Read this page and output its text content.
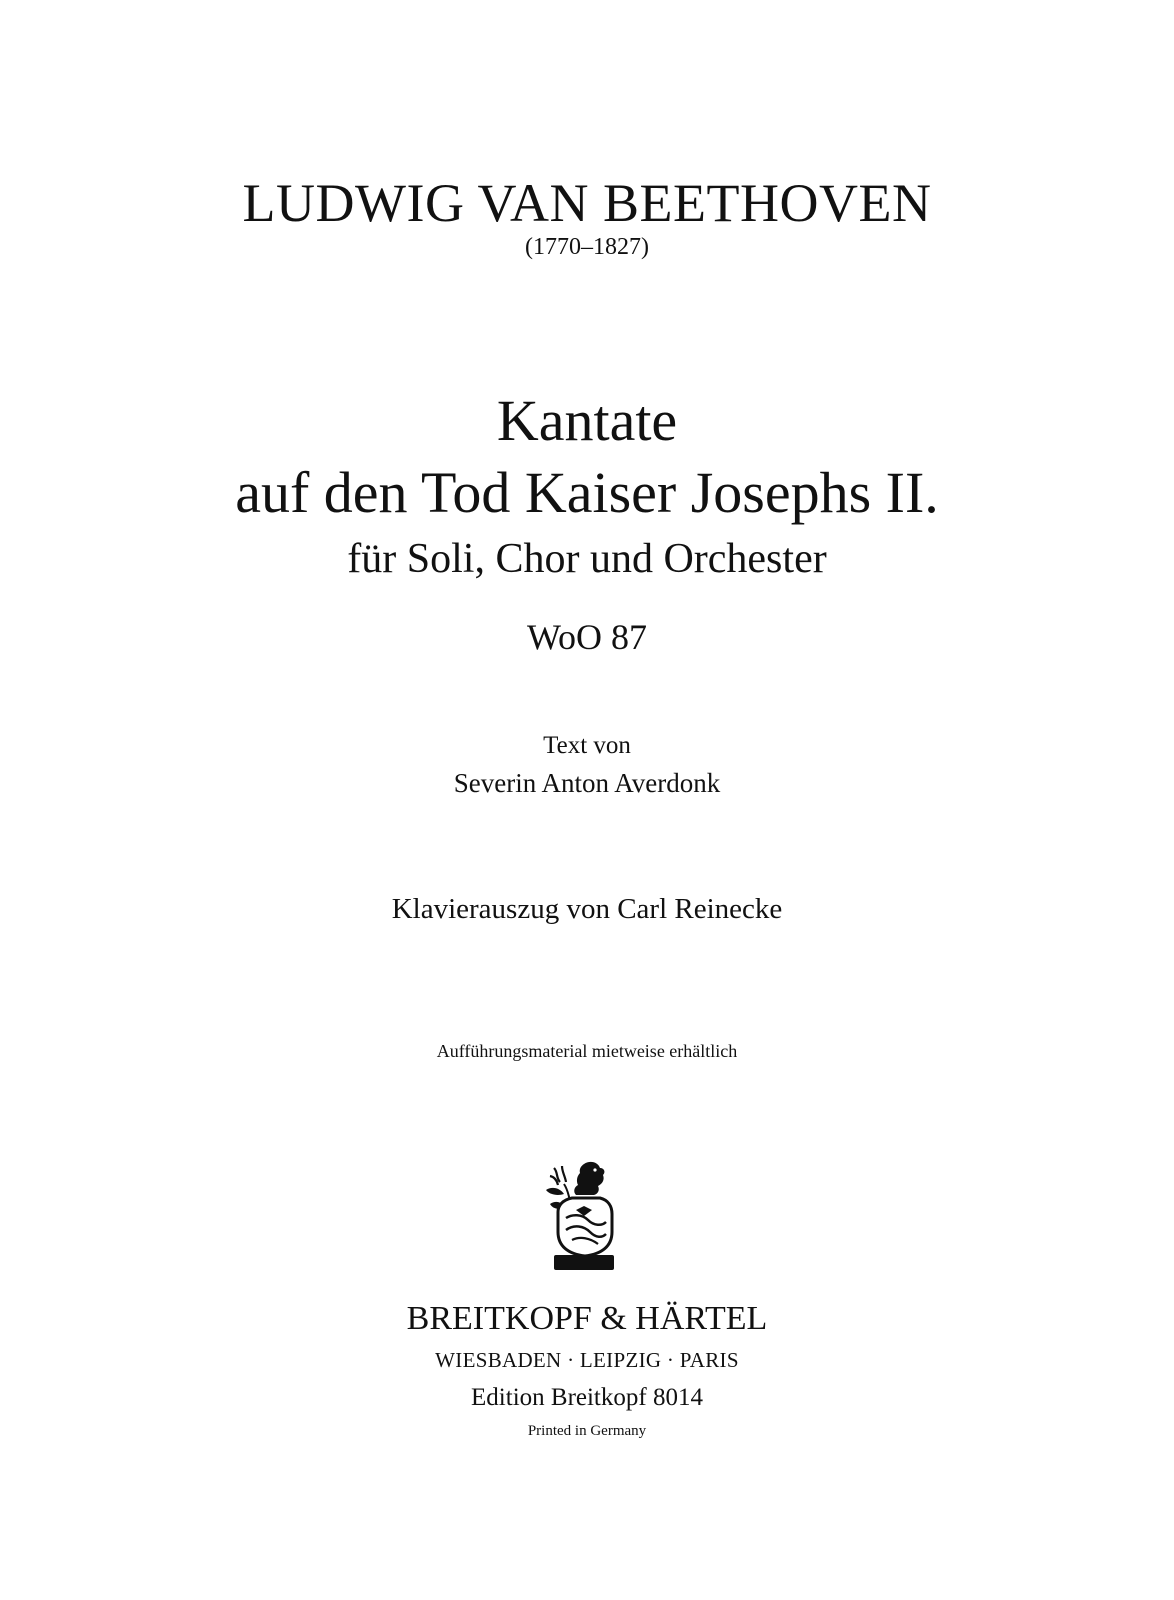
LUDWIG VAN BEETHOVEN
(1770–1827)
Kantate
auf den Tod Kaiser Josephs II.
für Soli, Chor und Orchester
WoO 87
Text von
Severin Anton Averdonk
Klavierauszug von Carl Reinecke
Aufführungsmaterial mietweise erhältlich
BREITKOPF & HÄRTEL
WIESBADEN · LEIPZIG · PARIS
Edition Breitkopf 8014
Printed in Germany
